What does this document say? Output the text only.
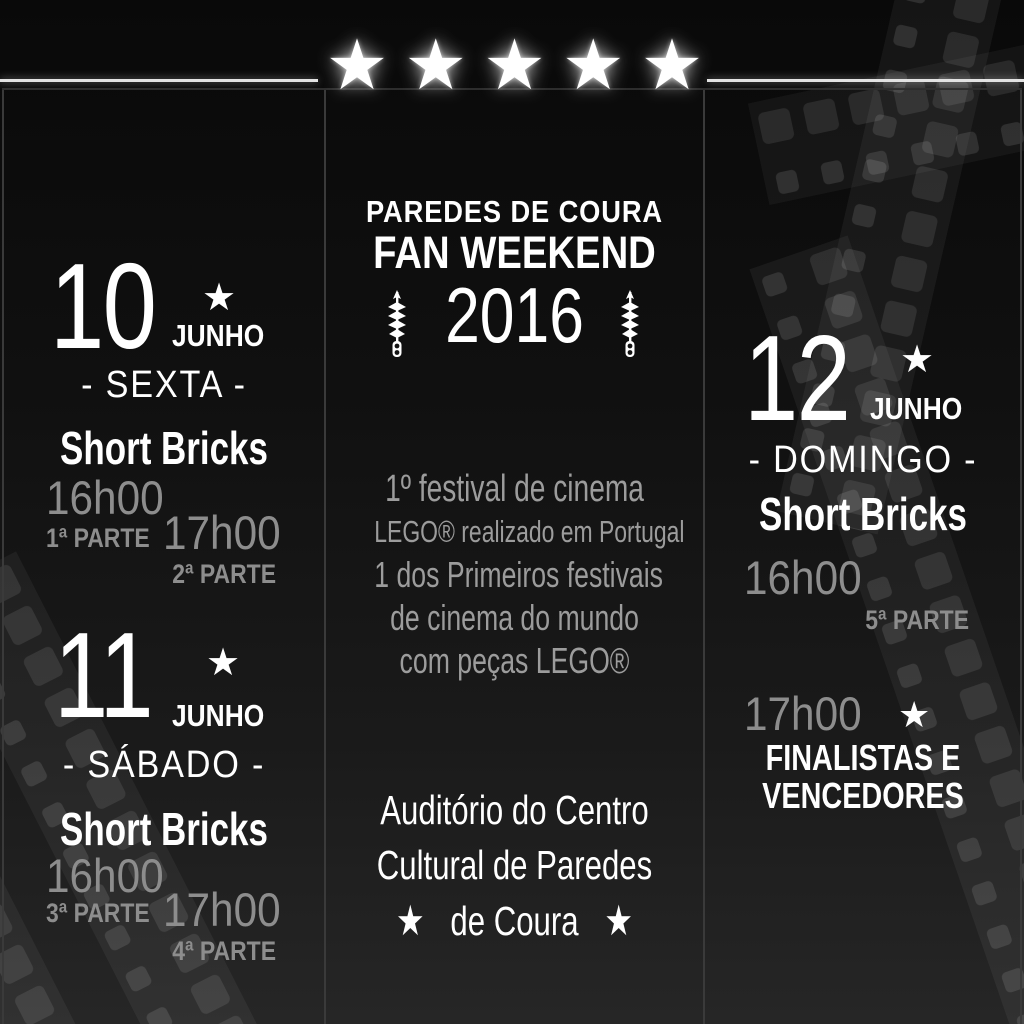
★ ★ ★ ★ ★
10 ★
JUNHO
- SEXTA -
Short Bricks
16h00
1ª PARTE 17h00
2ª PARTE
11 ★
JUNHO
- SÁBADO -
Short Bricks
16h00
3ª PARTE 17h00
4ª PARTE
PAREDES DE COURA
FAN WEEKEND
2016
1º festival de cinema
LEGO® realizado em Portugal
1 dos Primeiros festivais
de cinema do mundo
com peças LEGO®
Auditório do Centro
Cultural de Paredes
★ de Coura ★
12 ★
JUNHO
- DOMINGO -
Short Bricks
16h00
5ª PARTE
17h00 ★
FINALISTAS E
VENCEDORES
